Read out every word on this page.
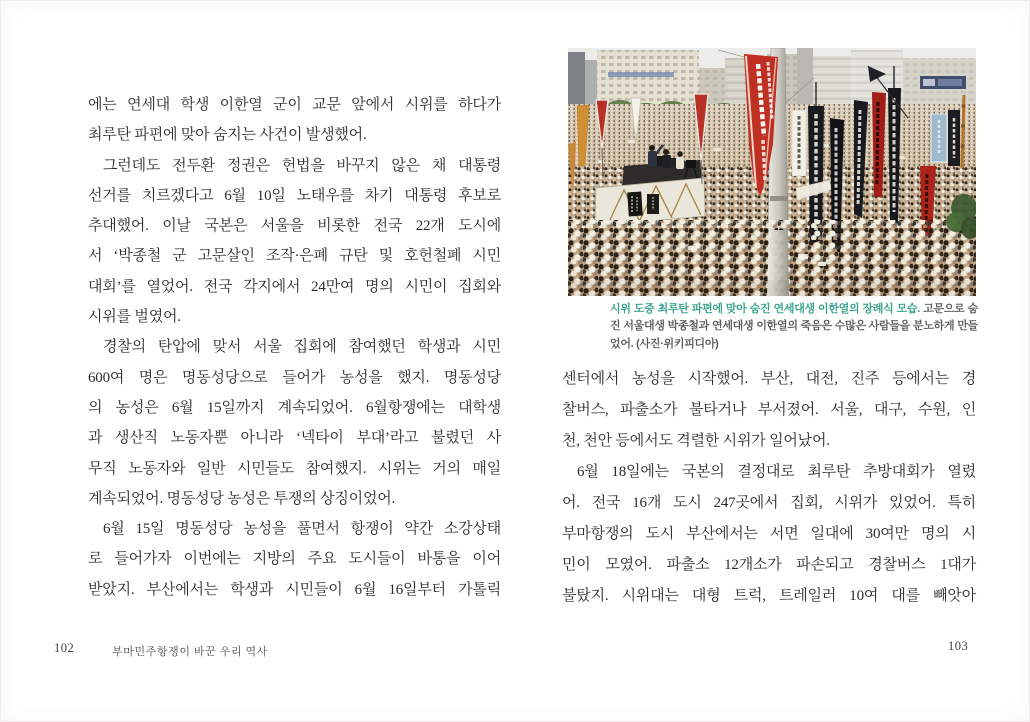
에는 연세대 학생 이한열 군이 교문 앞에서 시위를 하다가
최루탄 파편에 맞아 숨지는 사건이 발생했어.
그런데도 전두환 정권은 헌법을 바꾸지 않은 채 대통령
선거를 치르겠다고 6월 10일 노태우를 차기 대통령 후보로
추대했어. 이날 국본은 서울을 비롯한 전국 22개 도시에
서 ‘박종철 군 고문살인 조작·은폐 규탄 및 호헌철폐 시민
대회’를 열었어. 전국 각지에서 24만여 명의 시민이 집회와
시위를 벌였어.
경찰의 탄압에 맞서 서울 집회에 참여했던 학생과 시민
600여 명은 명동성당으로 들어가 농성을 했지. 명동성당
의 농성은 6월 15일까지 계속되었어. 6월항쟁에는 대학생
과 생산직 노동자뿐 아니라 ‘넥타이 부대’라고 불렸던 사
무직 노동자와 일반 시민들도 참여했지. 시위는 거의 매일
계속되었어. 명동성당 농성은 투쟁의 상징이었어.
6월 15일 명동성당 농성을 풀면서 항쟁이 약간 소강상태
로 들어가자 이번에는 지방의 주요 도시들이 바통을 이어
받았지. 부산에서는 학생과 시민들이 6월 16일부터 가톨릭
102	부마민주항쟁이 바꾼 우리 역사

시위 도중 최루탄 파편에 맞아 숨진 연세대생 이한열의 장례식 모습. 고문으로 숨진 서울대생 박종철과 연세대생 이한열의 죽음은 수많은 사람들을 분노하게 만들었어. (사진·위키피디아)

센터에서 농성을 시작했어. 부산, 대전, 진주 등에서는 경
찰버스, 파출소가 불타거나 부서졌어. 서울, 대구, 수원, 인
천, 천안 등에서도 격렬한 시위가 일어났어.
6월 18일에는 국본의 결정대로 최루탄 추방대회가 열렸
어. 전국 16개 도시 247곳에서 집회, 시위가 있었어. 특히
부마항쟁의 도시 부산에서는 서면 일대에 30여만 명의 시
민이 모였어. 파출소 12개소가 파손되고 경찰버스 1대가
불탔지. 시위대는 대형 트럭, 트레일러 10여 대를 빼앗아
103
